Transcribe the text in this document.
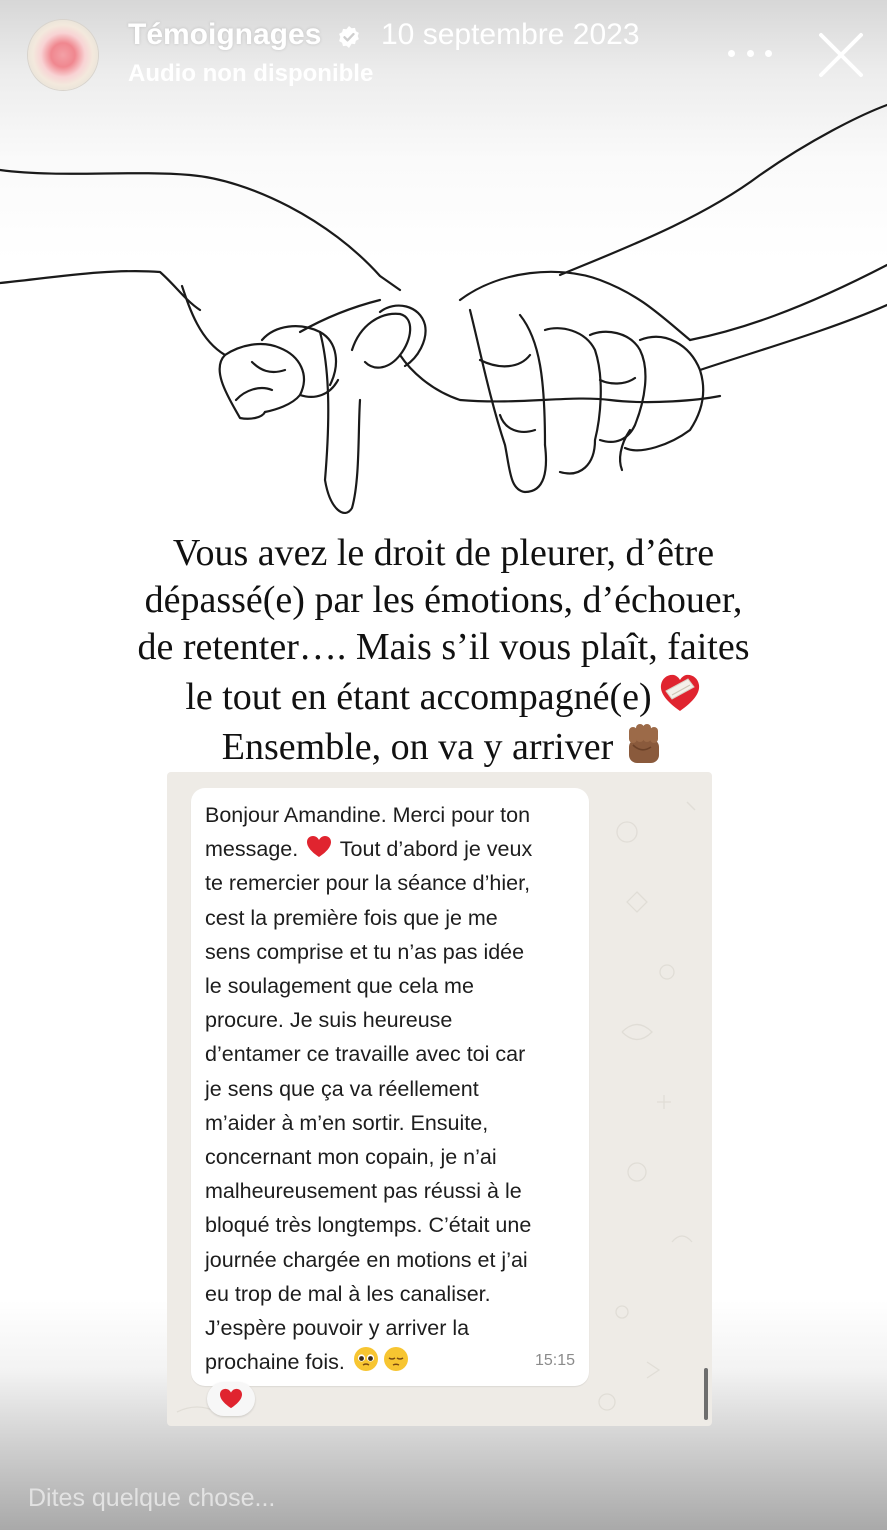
Témoignages 10 septembre 2023
Audio non disponible

Vous avez le droit de pleurer, d’être

dépassé(e) par les émotions, d’échouer,

de retenter…. Mais s’il vous plaît, faites

le tout en étant accompagné(e)

Ensemble, on va y arriver

Bonjour Amandine. Merci pour ton

message. Tout d’abord je veux

te remercier pour la séance d’hier,

cest la première fois que je me

sens comprise et tu n’as pas idée

le soulagement que cela me

procure. Je suis heureuse

d’entamer ce travaille avec toi car

je sens que ça va réellement

m’aider à m’en sortir. Ensuite,

concernant mon copain, je n’ai

malheureusement pas réussi à le

bloqué très longtemps. C’était une

journée chargée en motions et j’ai

eu trop de mal à les canaliser.

J’espère pouvoir y arriver la

prochaine fois.	15:15
Dites quelque chose...
